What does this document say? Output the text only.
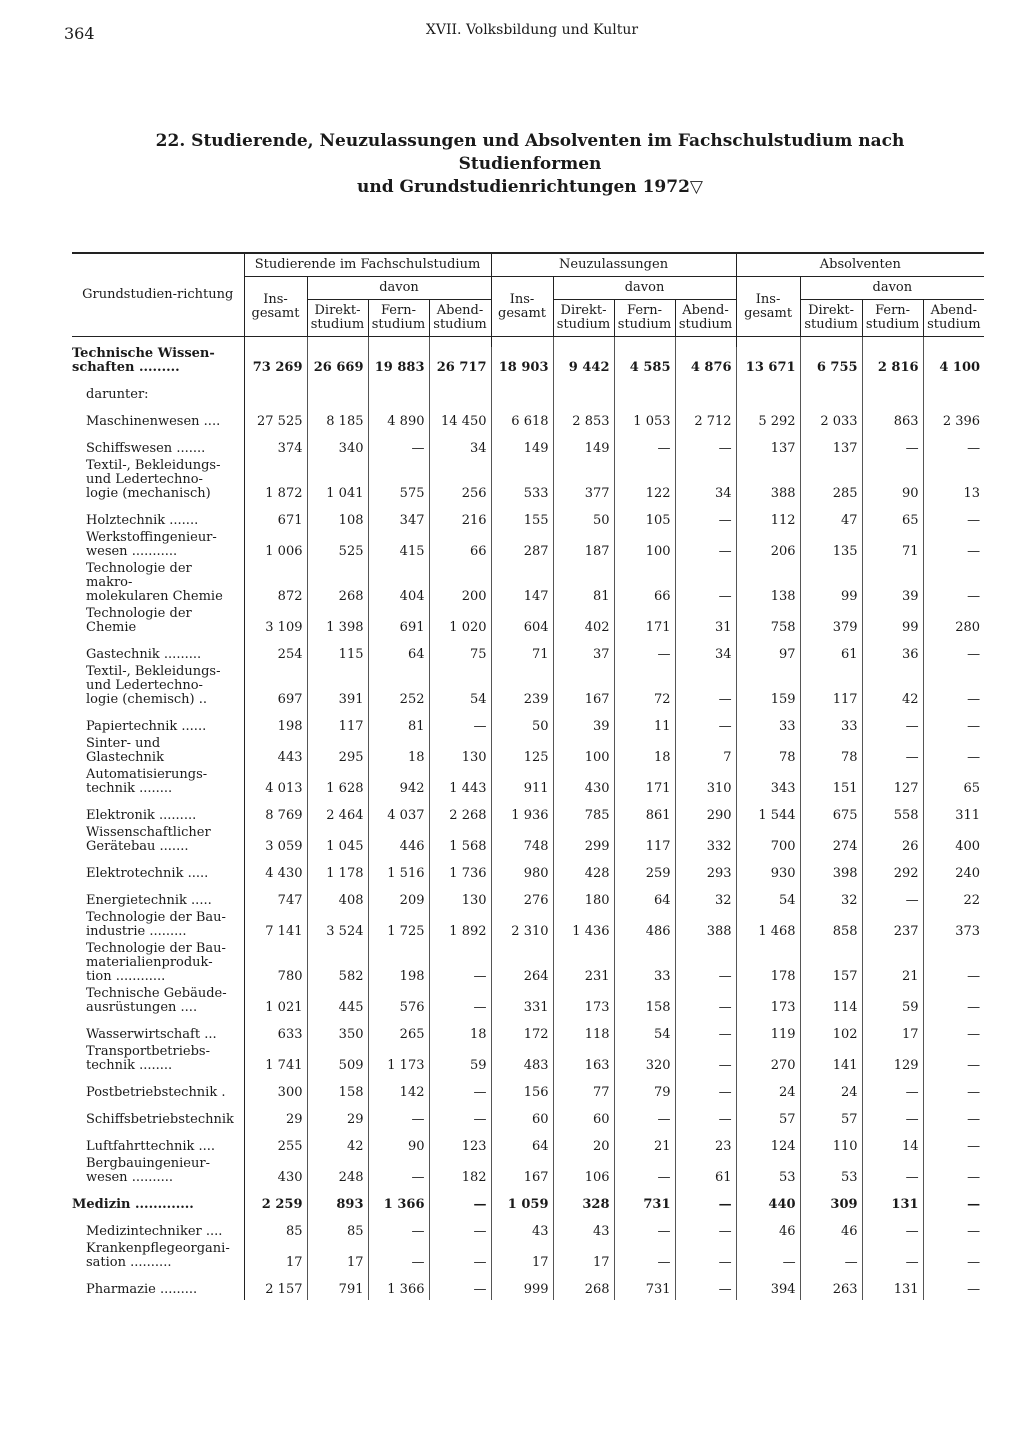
364	XVII. Volksbildung und Kultur
22. Studierende, Neuzulassungen und Absolventen im Fachschulstudium nach Studienformen
und Grundstudienrichtungen 1972▽
Grundstudien-richtung	Studierende im Fachschulstudium				Neuzulassungen				Absolventen			
	Ins-gesamt	davon			Ins-gesamt	davon			Ins-gesamt	davon		
		Direkt-studium	Fern-studium	Abend-studium		Direkt-studium	Fern-studium	Abend-studium		Direkt-studium	Fern-studium	Abend-studium

Technische Wissen-
schaften .........	73 269	26 669	19 883	26 717	18 903	9 442	4 585	4 876	13 671	6 755	2 816	4 100

darunter:												

Maschinenwesen ....	27 525	8 185	4 890	14 450	6 618	2 853	1 053	2 712	5 292	2 033	863	2 396

Schiffswesen .......	374	340	—	34	149	149	—	—	137	137	—	—

Textil-, Bekleidungs-
und Ledertechno-
logie (mechanisch)	1 872	1 041	575	256	533	377	122	34	388	285	90	13

Holztechnik .......	671	108	347	216	155	50	105	—	112	47	65	—

Werkstoffingenieur-
wesen ...........	1 006	525	415	66	287	187	100	—	206	135	71	—

Technologie der makro-
molekularen Chemie	872	268	404	200	147	81	66	—	138	99	39	—

Technologie der Chemie	3 109	1 398	691	1 020	604	402	171	31	758	379	99	280

Gastechnik .........	254	115	64	75	71	37	—	34	97	61	36	—

Textil-, Bekleidungs-
und Ledertechno-
logie (chemisch) ..	697	391	252	54	239	167	72	—	159	117	42	—

Papiertechnik ......	198	117	81	—	50	39	11	—	33	33	—	—

Sinter- und Glastechnik	443	295	18	130	125	100	18	7	78	78	—	—

Automatisierungs-
technik ........	4 013	1 628	942	1 443	911	430	171	310	343	151	127	65

Elektronik .........	8 769	2 464	4 037	2 268	1 936	785	861	290	1 544	675	558	311

Wissenschaftlicher
Gerätebau .......	3 059	1 045	446	1 568	748	299	117	332	700	274	26	400

Elektrotechnik .....	4 430	1 178	1 516	1 736	980	428	259	293	930	398	292	240

Energietechnik .....	747	408	209	130	276	180	64	32	54	32	—	22

Technologie der Bau-
industrie .........	7 141	3 524	1 725	1 892	2 310	1 436	486	388	1 468	858	237	373

Technologie der Bau-
materialienproduk-
tion ............	780	582	198	—	264	231	33	—	178	157	21	—

Technische Gebäude-
ausrüstungen ....	1 021	445	576	—	331	173	158	—	173	114	59	—

Wasserwirtschaft ...	633	350	265	18	172	118	54	—	119	102	17	—

Transportbetriebs-
technik ........	1 741	509	1 173	59	483	163	320	—	270	141	129	—

Postbetriebstechnik .	300	158	142	—	156	77	79	—	24	24	—	—

Schiffsbetriebstechnik	29	29	—	—	60	60	—	—	57	57	—	—

Luftfahrttechnik ....	255	42	90	123	64	20	21	23	124	110	14	—

Bergbauingenieur-
wesen ..........	430	248	—	182	167	106	—	61	53	53	—	—

Medizin .............	2 259	893	1 366	—	1 059	328	731	—	440	309	131	—

Medizintechniker ....	85	85	—	—	43	43	—	—	46	46	—	—

Krankenpflegeorgani-
sation ..........	17	17	—	—	17	17	—	—	—	—	—	—

Pharmazie .........	2 157	791	1 366	—	999	268	731	—	394	263	131	—
